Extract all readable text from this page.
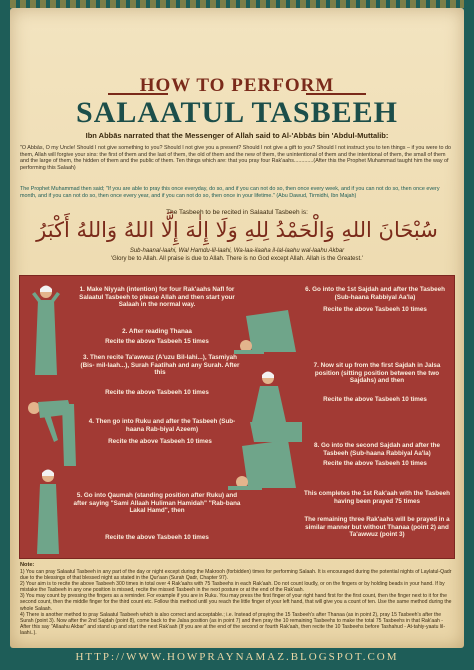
HOW TO PERFORM
SALAATUL TASBEEH
Ibn Abbās narrated that the Messenger of Allah said to Al-'Abbās bin 'Abdul-Muttalib:
"O Abbās, O my Uncle! Should I not give something to you? Should I not give you a present? Should I not give a gift to you? Should I not instruct you to ten things – if you were to do them, Allah will forgive your sins: the first of them and the last of them, the old of them and the new of them, the unintentional of them and the intentional of them, the small of them and the large of them, the hidden of them and the public of them. Ten things which are: that you pray four Rak'aahs.............(After this the Prophet Muhammad taught him the way of performing this Salaah)
The Prophet Muhammad then said; "If you are able to pray this once everyday, do so, and if you can not do so, then once every week, and if you can not do so, then once every month, and if you can not do so, then once every year, and if you can not do so, then once in your lifetime." (Abu Dawud, Tirmidhi, Ibn Majah)
The Tasbeeh to be recited in Salaatul Tasbeeh is:
سُبْحَانَ اللهِ وَالْحَمْدُ لِلهِ وَلَا إِلٰهَ إِلَّا اللهُ وَاللهُ أَكْبَرُ
Sub-haanal-laahi, Wal Hamdu-lil-laahi, Wa-laa-ilaaha il-lal-laahu wal-laahu Akbar
'Glory be to Allah. All praise is due to Allah. There is no God except Allah. Allah is the Greatest.'
1. Make Niyyah (intention) for four Rak'aahs Nafl for Salaatul Tasbeeh to please Allah and then start your Salaah in the normal way.
2. After reading Thanaa
Recite the above Tasbeeh 15 times
3. Then recite Ta'awwuz (A'uzu Bil-lahi...), Tasmiyah (Bis- mil-laah...), Surah Faatihah and any Surah. After this
Recite the above Tasbeeh 10 times
4. Then go into Ruku and after the Tasbeeh (Sub-haana Rab-biyal Azeem)
Recite the above Tasbeeh 10 times
5. Go into Qaumah (standing position after Ruku) and after saying "Sami Allaah Huliman Hamidah" "Rab-bana Lakal Hamd", then
Recite the above Tasbeeh 10 times
6. Go into the 1st Sajdah and after the Tasbeeh (Sub-haana Rabbiyal Aa'la)
Recite the above Tasbeeh 10 times
7. Now sit up from the first Sajdah in Jalsa position (sitting position between the two Sajdahs) and then
Recite the above Tasbeeh 10 times
8. Go into the second Sajdah and after the Tasbeeh (Sub-haana Rabbiyal Aa'la)
Recite the above Tasbeeh 10 times
This completes the 1st Rak'aah with the Tasbeeh having been prayed 75 times
The remaining three Rak'aahs will be prayed in a similar manner but without Thanaa (point 2) and Ta'awwuz (point 3)
Note:

1) You can pray Salaatul Tasbeeh in any part of the day or night except during the Makrooh (forbidden) times for performing Salaah. It is encouraged during the potential nights of Laylatul-Qadr due to the blessings of that blessed night as stated in the Qur'aan (Surah Qadr, Chapter 97).

2) Your aim is to recite the above Tasbeeh 300 times in total over 4 Rak'aahs with 75 Tasbeehs in each Rak'aah. Do not count loudly, or on the fingers or by holding beads in your hand. If by mistake the Tasbeeh in any one position is missed, recite the missed Tasbeeh in the next posture or at the end of the Rak'aah.

3) You may count by pressing the fingers as a reminder. For example if you are in Ruku. You may press the first finger of your right hand first for the first count, then the finger next to it for the second count, then the middle finger for the third count etc. Follow this method until you reach the little finger of your left hand, that will give you a count of ten. Use the same method during the whole Salaah.

4) There is another method to pray Salaatul Tasbeeh which is also correct and acceptable.; i.e. Instead of praying the 15 Tasbeeh's after Thanaa (as in point 2), pray 15 Tasbeeh's after the Surah (point 3). Now after the 2nd Sajdah (point 8), come back to the Jalsa position (as in point 7) and then pray the 10 remaining Tasbeehs to make the total 75 Tasbeehs in that Rak'aah - After this say "Allaahu Akbar" and stand up and start the next Rak'aah (If you are at the end of the second or fourth Rak'aah, then recite the 10 Tasbeehs before Tashahud - At-tahiy-yaatu lil-laahi..).

HTTP://WWW.HOWPRAYNAMAZ.BLOGSPOT.COM
